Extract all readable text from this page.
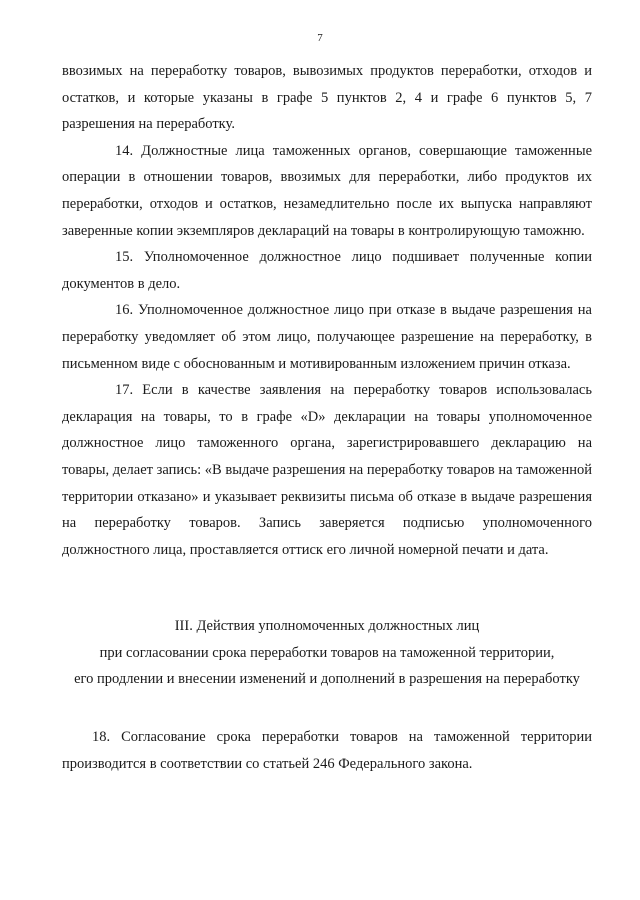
7

ввозимых на переработку товаров, вывозимых продуктов переработки, отходов и остатков, и которые указаны в графе 5 пунктов 2, 4 и графе 6 пунктов 5, 7 разрешения на переработку.

14. Должностные лица таможенных органов, совершающие таможенные операции в отношении товаров, ввозимых для переработки, либо продуктов их переработки, отходов и остатков, незамедлительно после их выпуска направляют заверенные копии экземпляров деклараций на товары в контролирующую таможню.

15. Уполномоченное должностное лицо подшивает полученные копии документов в дело.

16. Уполномоченное должностное лицо при отказе в выдаче разрешения на переработку уведомляет об этом лицо, получающее разрешение на переработку, в письменном виде с обоснованным и мотивированным изложением причин отказа.

17. Если в качестве заявления на переработку товаров использовалась декларация на товары, то в графе «D» декларации на товары уполномоченное должностное лицо таможенного органа, зарегистрировавшего декларацию на товары, делает запись: «В выдаче разрешения на переработку товаров на таможенной территории отказано» и указывает реквизиты письма об отказе в выдаче разрешения на переработку товаров. Запись заверяется подписью уполномоченного должностного лица, проставляется оттиск его личной номерной печати и дата.

III. Действия уполномоченных должностных лиц
при согласовании срока переработки товаров на таможенной территории,
его продлении и внесении изменений и дополнений в разрешения на переработку

18. Согласование срока переработки товаров на таможенной территории производится в соответствии со статьей 246 Федерального закона.
